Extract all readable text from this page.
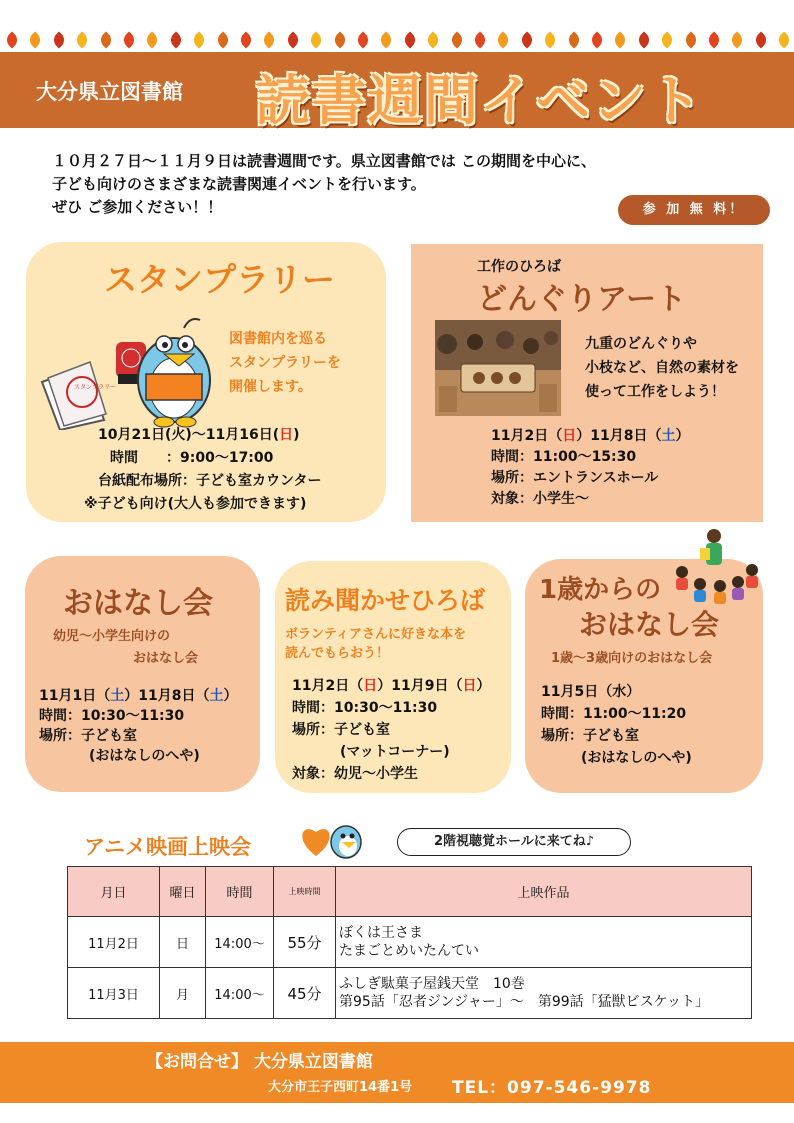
大分県立図書館 読書週間イベント
１０月２７日～１１月９日は読書週間です。県立図書館では この期間を中心に、
子ども向けのさまざまな読書関連イベントを行います。
ぜひ ご参加ください！！	参 加 無 料！
スタンプラリー
スタンプラリー
図書館内を巡る
スタンプラリーを
開催します。
10月21日(火)～11月16日(日)
時間　　：9:00～17:00
台紙配布場所：子ども室カウンター
※子ども向け(大人も参加できます)
工作のひろば
どんぐりアート
九重のどんぐりや
小枝など、自然の素材を
使って工作をしよう！
11月2日（日）11月8日（土）
時間：11:00～15:30
場所：エントランスホール
対象：小学生～
おはなし会
幼児～小学生向けの
おはなし会
11月1日（土）11月8日（土）
時間：10:30～11:30
場所：子ども室
(おはなしのへや)
読み聞かせひろば
ボランティアさんに好きな本を
読んでもらおう！
11月2日（日）11月9日（日）
時間：10:30～11:30
場所：子ども室
(マットコーナー)
対象：幼児～小学生
1歳からの
おはなし会
1歳～3歳向けのおはなし会
11月5日（水）
時間：11:00～11:20
場所：子ども室
(おはなしのへや)
アニメ映画上映会	2階視聴覚ホールに来てね♪
月日	曜日	時間	上映時間	上映作品
11月2日	日	14:00～	55分	ぼくは王さま
たまごとめいたんてい

11月3日	月	14:00～	45分	ふしぎ駄菓子屋銭天堂　10巻
第95話「忍者ジンジャー」～　第99話「猛獣ビスケット」
【お問合せ】 大分県立図書館
大分市王子西町14番1号 TEL：097-546-9978
